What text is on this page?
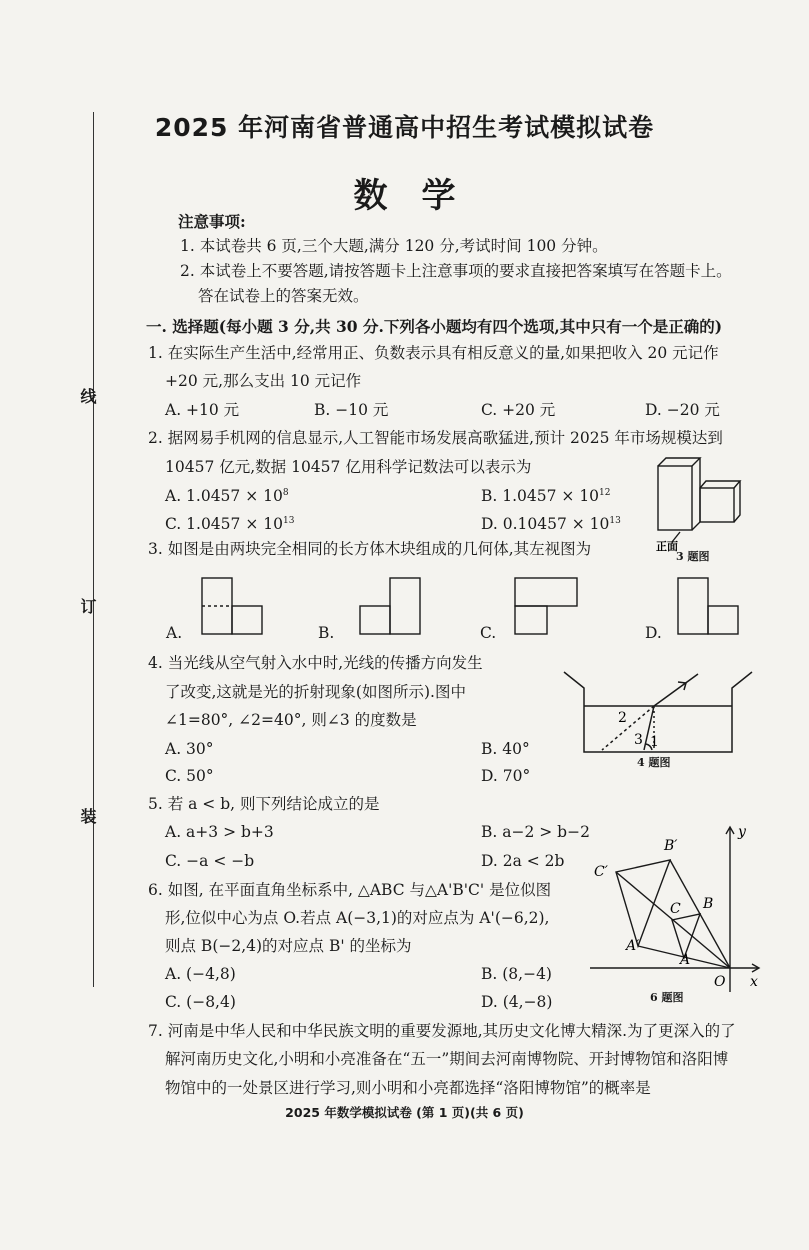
线
订
装
2025 年河南省普通高中招生考试模拟试卷
数学
注意事项:
1. 本试卷共 6 页,三个大题,满分 120 分,考试时间 100 分钟。
2. 本试卷上不要答题,请按答题卡上注意事项的要求直接把答案填写在答题卡上。
答在试卷上的答案无效。
一. 选择题(每小题 3 分,共 30 分.下列各小题均有四个选项,其中只有一个是正确的)
1. 在实际生产生活中,经常用正、负数表示具有相反意义的量,如果把收入 20 元记作
+20 元,那么支出 10 元记作
A. +10 元	B. −10 元	C. +20 元	D. −20 元
2. 据网易手机网的信息显示,人工智能市场发展高歌猛进,预计 2025 年市场规模达到
10457 亿元,数据 10457 亿用科学记数法可以表示为
A. $1.0457 \times 10^8$	B. $1.0457 \times 10^{12}$
C. $1.0457 \times 10^{13}$	D. $0.10457 \times 10^{13}$
正面
3 题图
3. 如图是由两块完全相同的长方体木块组成的几何体,其左视图为
A.	B.	C.	D.
4. 当光线从空气射入水中时,光线的传播方向发生
了改变,这就是光的折射现象(如图所示).图中
∠1=80°, ∠2=40°, 则∠3 的度数是
A. 30°	B. 40°
C. 50°	D. 70°
2
3 1
4 题图
5. 若 a < b, 则下列结论成立的是
A. a+3 > b+3	B. a−2 > b−2
C. −a < −b	D. 2a < 2b
6. 如图, 在平面直角坐标系中, △ABC 与△A'B'C' 是位似图
形,位似中心为点 O.若点 A(−3,1)的对应点为 A'(−6,2),
则点 B(−2,4)的对应点 B' 的坐标为
A. (−4,8)	B. (8,−4)
C. (−8,4)	D. (4,−8)
A′
B′
C′
A
B
C
O x
y
6 题图
7. 河南是中华人民和中华民族文明的重要发源地,其历史文化博大精深.为了更深入的了
解河南历史文化,小明和小亮准备在“五一”期间去河南博物院、开封博物馆和洛阳博
物馆中的一处景区进行学习,则小明和小亮都选择“洛阳博物馆”的概率是
2025 年数学模拟试卷 (第 1 页)(共 6 页)
